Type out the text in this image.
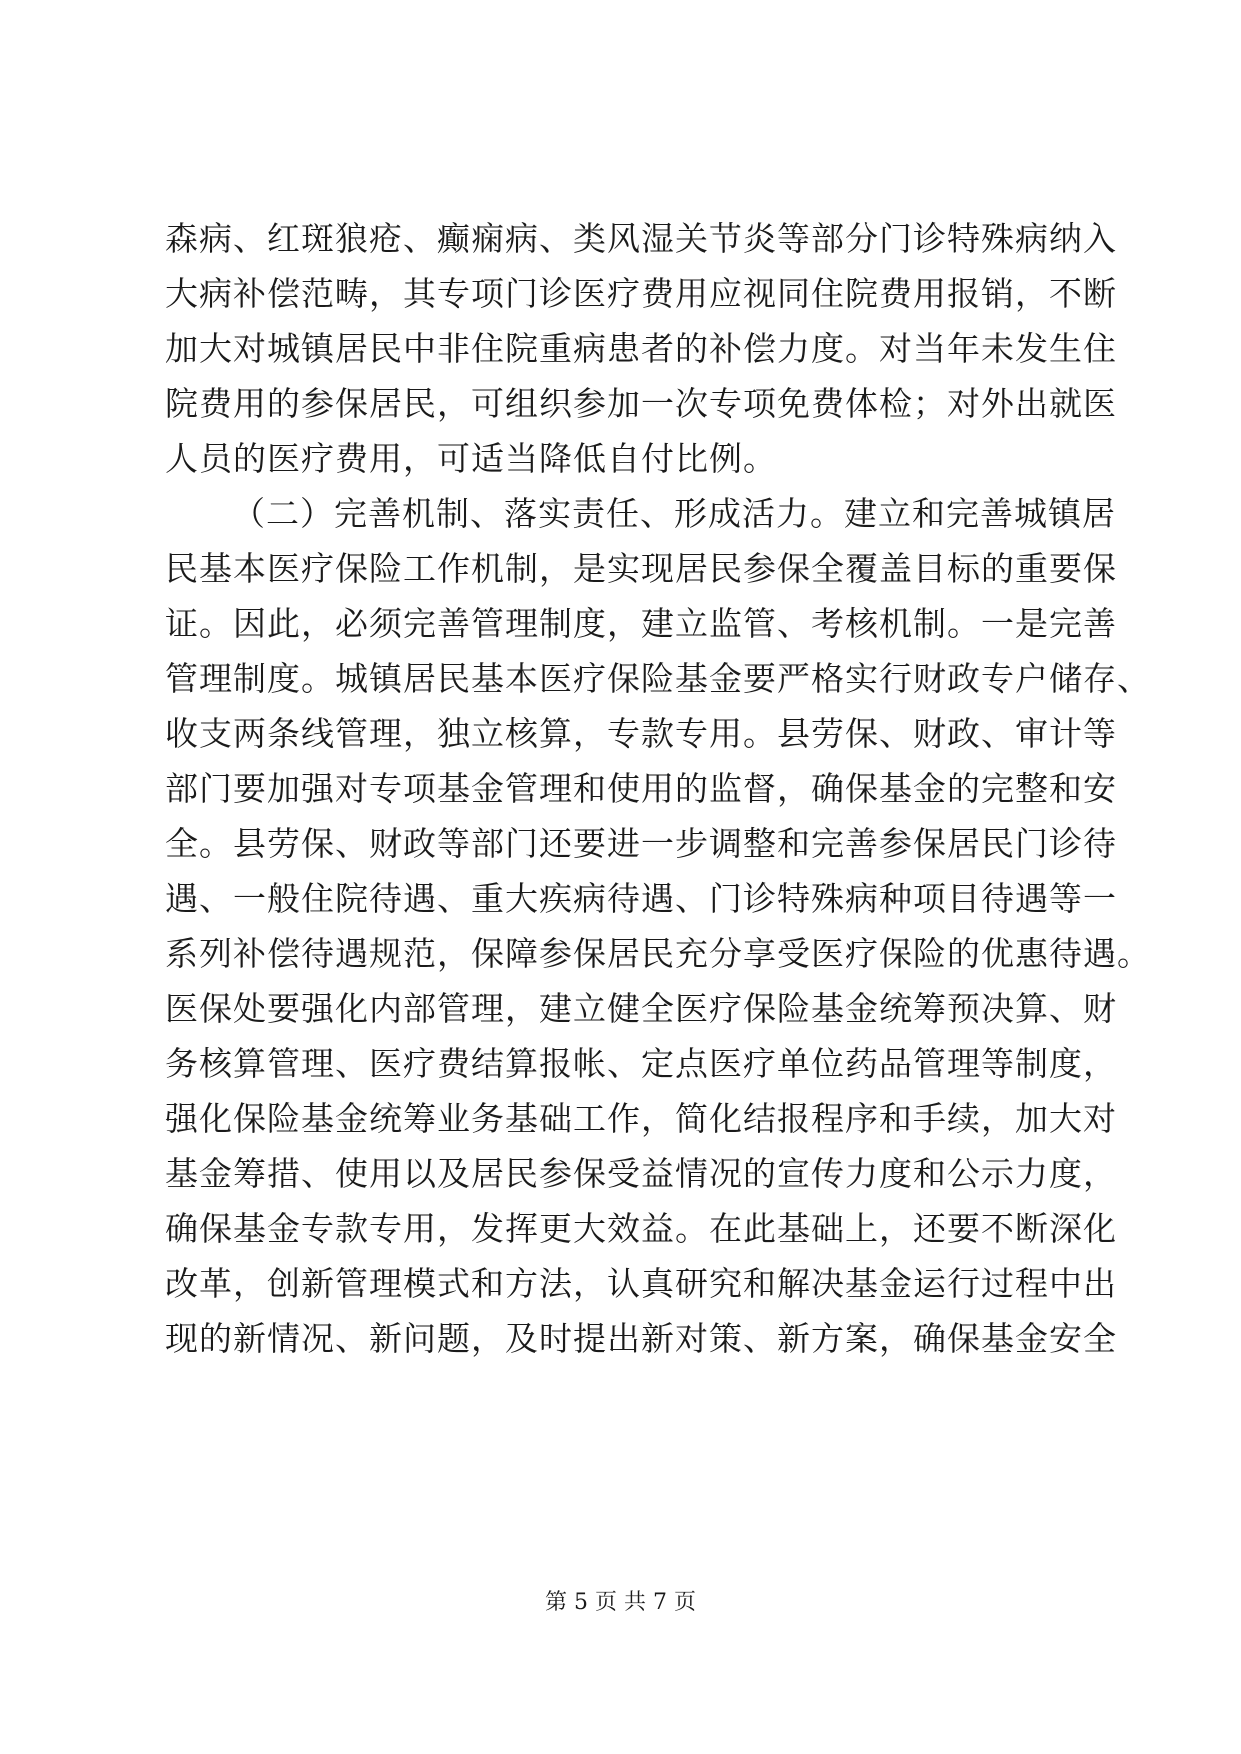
森病、红斑狼疮、癫痫病、类风湿关节炎等部分门诊特殊病纳入
大病补偿范畴，其专项门诊医疗费用应视同住院费用报销，不断
加大对城镇居民中非住院重病患者的补偿力度。对当年未发生住
院费用的参保居民，可组织参加一次专项免费体检；对外出就医
人员的医疗费用，可适当降低自付比例。
（二）完善机制、落实责任、形成活力。建立和完善城镇居
民基本医疗保险工作机制，是实现居民参保全覆盖目标的重要保
证。因此，必须完善管理制度，建立监管、考核机制。一是完善
管理制度。城镇居民基本医疗保险基金要严格实行财政专户储存、
收支两条线管理，独立核算，专款专用。县劳保、财政、审计等
部门要加强对专项基金管理和使用的监督，确保基金的完整和安
全。县劳保、财政等部门还要进一步调整和完善参保居民门诊待
遇、一般住院待遇、重大疾病待遇、门诊特殊病种项目待遇等一
系列补偿待遇规范，保障参保居民充分享受医疗保险的优惠待遇。
医保处要强化内部管理，建立健全医疗保险基金统筹预决算、财
务核算管理、医疗费结算报帐、定点医疗单位药品管理等制度，
强化保险基金统筹业务基础工作，简化结报程序和手续，加大对
基金筹措、使用以及居民参保受益情况的宣传力度和公示力度，
确保基金专款专用，发挥更大效益。在此基础上，还要不断深化
改革，创新管理模式和方法，认真研究和解决基金运行过程中出
现的新情况、新问题，及时提出新对策、新方案，确保基金安全
第 5 页 共 7 页
